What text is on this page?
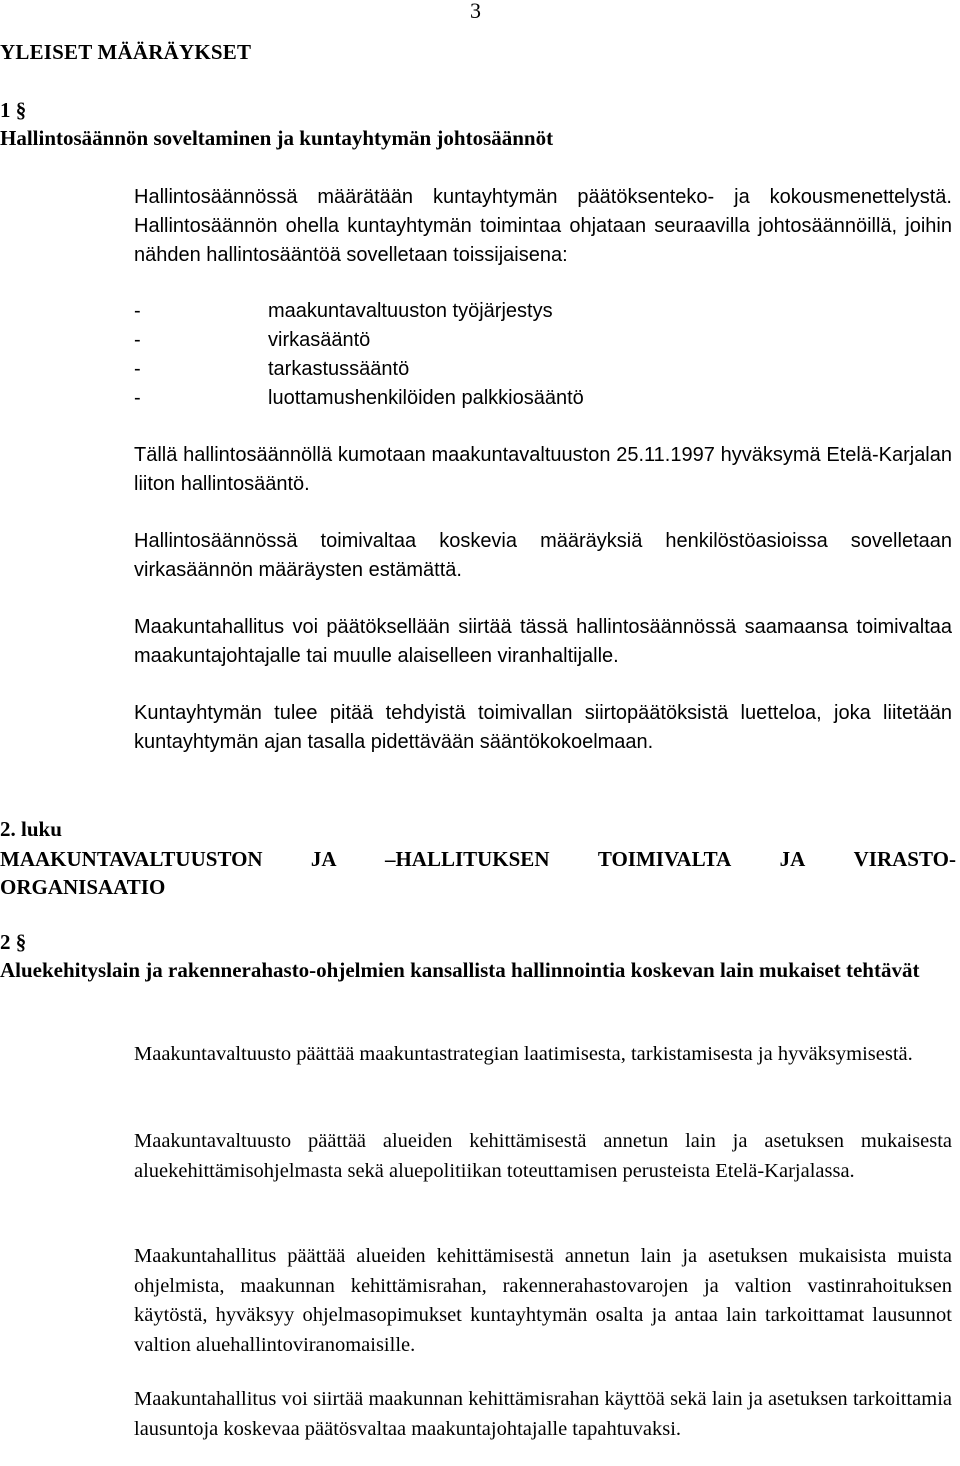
3
YLEISET MÄÄRÄYKSET
1 §
Hallintosäännön soveltaminen ja kuntayhtymän johtosäännöt
Hallintosäännössä määrätään kuntayhtymän päätöksenteko- ja kokousmenettelystä. Hallintosäännön ohella kuntayhtymän toimintaa ohjataan seuraavilla johtosäännöillä, joihin nähden hallintosääntöä sovelletaan toissijaisena:
-	maakuntavaltuuston työjärjestys
-	virkasääntö
-	tarkastussääntö
-	luottamushenkilöiden palkkiosääntö
Tällä hallintosäännöllä kumotaan maakuntavaltuuston 25.11.1997 hyväksymä Etelä-Karjalan liiton hallintosääntö.
Hallintosäännössä toimivaltaa koskevia määräyksiä henkilöstöasioissa sovelletaan virkasäännön määräysten estämättä.
Maakuntahallitus voi päätöksellään siirtää tässä hallintosäännössä saamaansa toimivaltaa maakuntajohtajalle tai muulle alaiselleen viranhaltijalle.
Kuntayhtymän tulee pitää tehdyistä toimivallan siirtopäätöksistä luetteloa, joka liitetään kuntayhtymän ajan tasalla pidettävään sääntökokoelmaan.
2. luku
MAAKUNTAVALTUUSTON JA –HALLITUKSEN TOIMIVALTA JA VIRASTO-
ORGANISAATIO
2 §
Aluekehityslain ja rakennerahasto-ohjelmien kansallista hallinnointia koskevan lain mukaiset tehtävät
Maakuntavaltuusto päättää maakuntastrategian laatimisesta, tarkistamisesta ja hyväksymisestä.
Maakuntavaltuusto päättää alueiden kehittämisestä annetun lain ja asetuksen mukaisesta aluekehittämisohjelmasta sekä aluepolitiikan toteuttamisen perusteista Etelä-Karjalassa.
Maakuntahallitus päättää alueiden kehittämisestä annetun lain ja asetuksen mukaisista muista ohjelmista, maakunnan kehittämisrahan, rakennerahastovarojen ja valtion vastinrahoituksen käytöstä, hyväksyy ohjelmasopimukset kuntayhtymän osalta ja antaa lain tarkoittamat lausunnot valtion aluehallintoviranomaisille.
Maakuntahallitus voi siirtää maakunnan kehittämisrahan käyttöä sekä lain ja asetuksen tarkoittamia lausuntoja koskevaa päätösvaltaa maakuntajohtajalle tapahtuvaksi.
